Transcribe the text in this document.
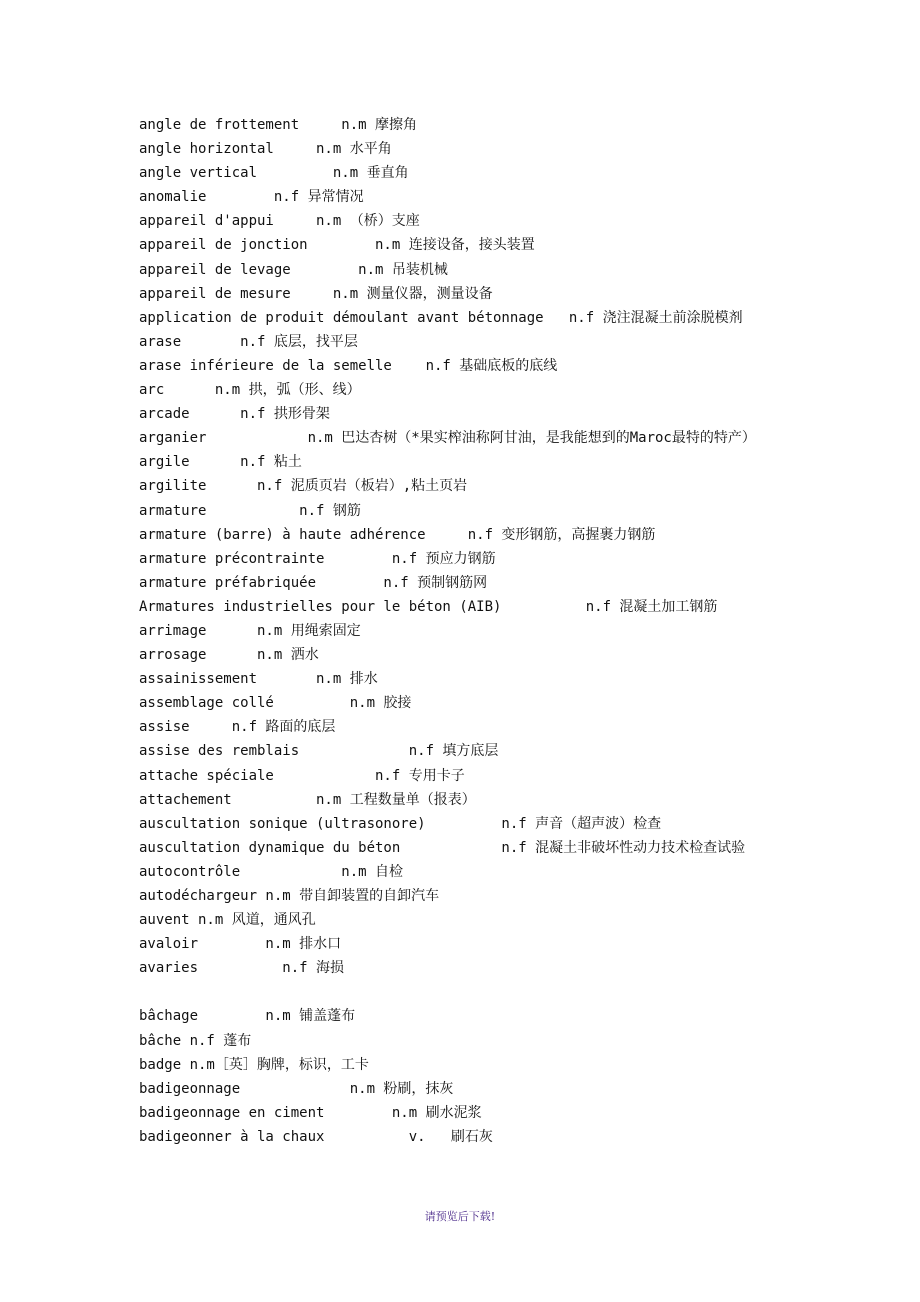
angle de frottement     n.m 摩擦角
angle horizontal     n.m 水平角
angle vertical         n.m 垂直角
anomalie        n.f 异常情况
appareil d'appui     n.m （桥）支座
appareil de jonction        n.m 连接设备，接头装置
appareil de levage        n.m 吊装机械
appareil de mesure     n.m 测量仪器，测量设备
application de produit démoulant avant bétonnage   n.f 浇注混凝土前涂脱模剂
arase       n.f 底层，找平层
arase inférieure de la semelle    n.f 基础底板的底线
arc      n.m 拱，弧（形、线）
arcade      n.f 拱形骨架
arganier            n.m 巴达杏树（*果实榨油称阿甘油，是我能想到的Maroc最特的特产）
argile      n.f 粘土
argilite      n.f 泥质页岩（板岩）,粘土页岩
armature           n.f 钢筋
armature (barre) à haute adhérence     n.f 变形钢筋，高握裹力钢筋
armature précontrainte        n.f 预应力钢筋
armature préfabriquée        n.f 预制钢筋网
Armatures industrielles pour le béton (AIB)          n.f 混凝土加工钢筋
arrimage      n.m 用绳索固定
arrosage      n.m 洒水
assainissement       n.m 排水
assemblage collé         n.m 胶接
assise     n.f 路面的底层
assise des remblais             n.f 填方底层
attache spéciale            n.f 专用卡子
attachement          n.m 工程数量单（报表）
auscultation sonique (ultrasonore)         n.f 声音（超声波）检查
auscultation dynamique du béton            n.f 混凝土非破坏性动力技术检查试验
autocontrôle            n.m 自检
autodéchargeur n.m 带自卸装置的自卸汽车
auvent n.m 风道，通风孔
avaloir        n.m 排水口
avaries          n.f 海损
bâchage        n.m 铺盖蓬布
bâche n.f 蓬布
badge n.m［英］胸牌，标识，工卡
badigeonnage             n.m 粉刷，抹灰
badigeonnage en ciment        n.m 刷水泥浆
badigeonner à la chaux          v.   刷石灰
请预览后下载!
